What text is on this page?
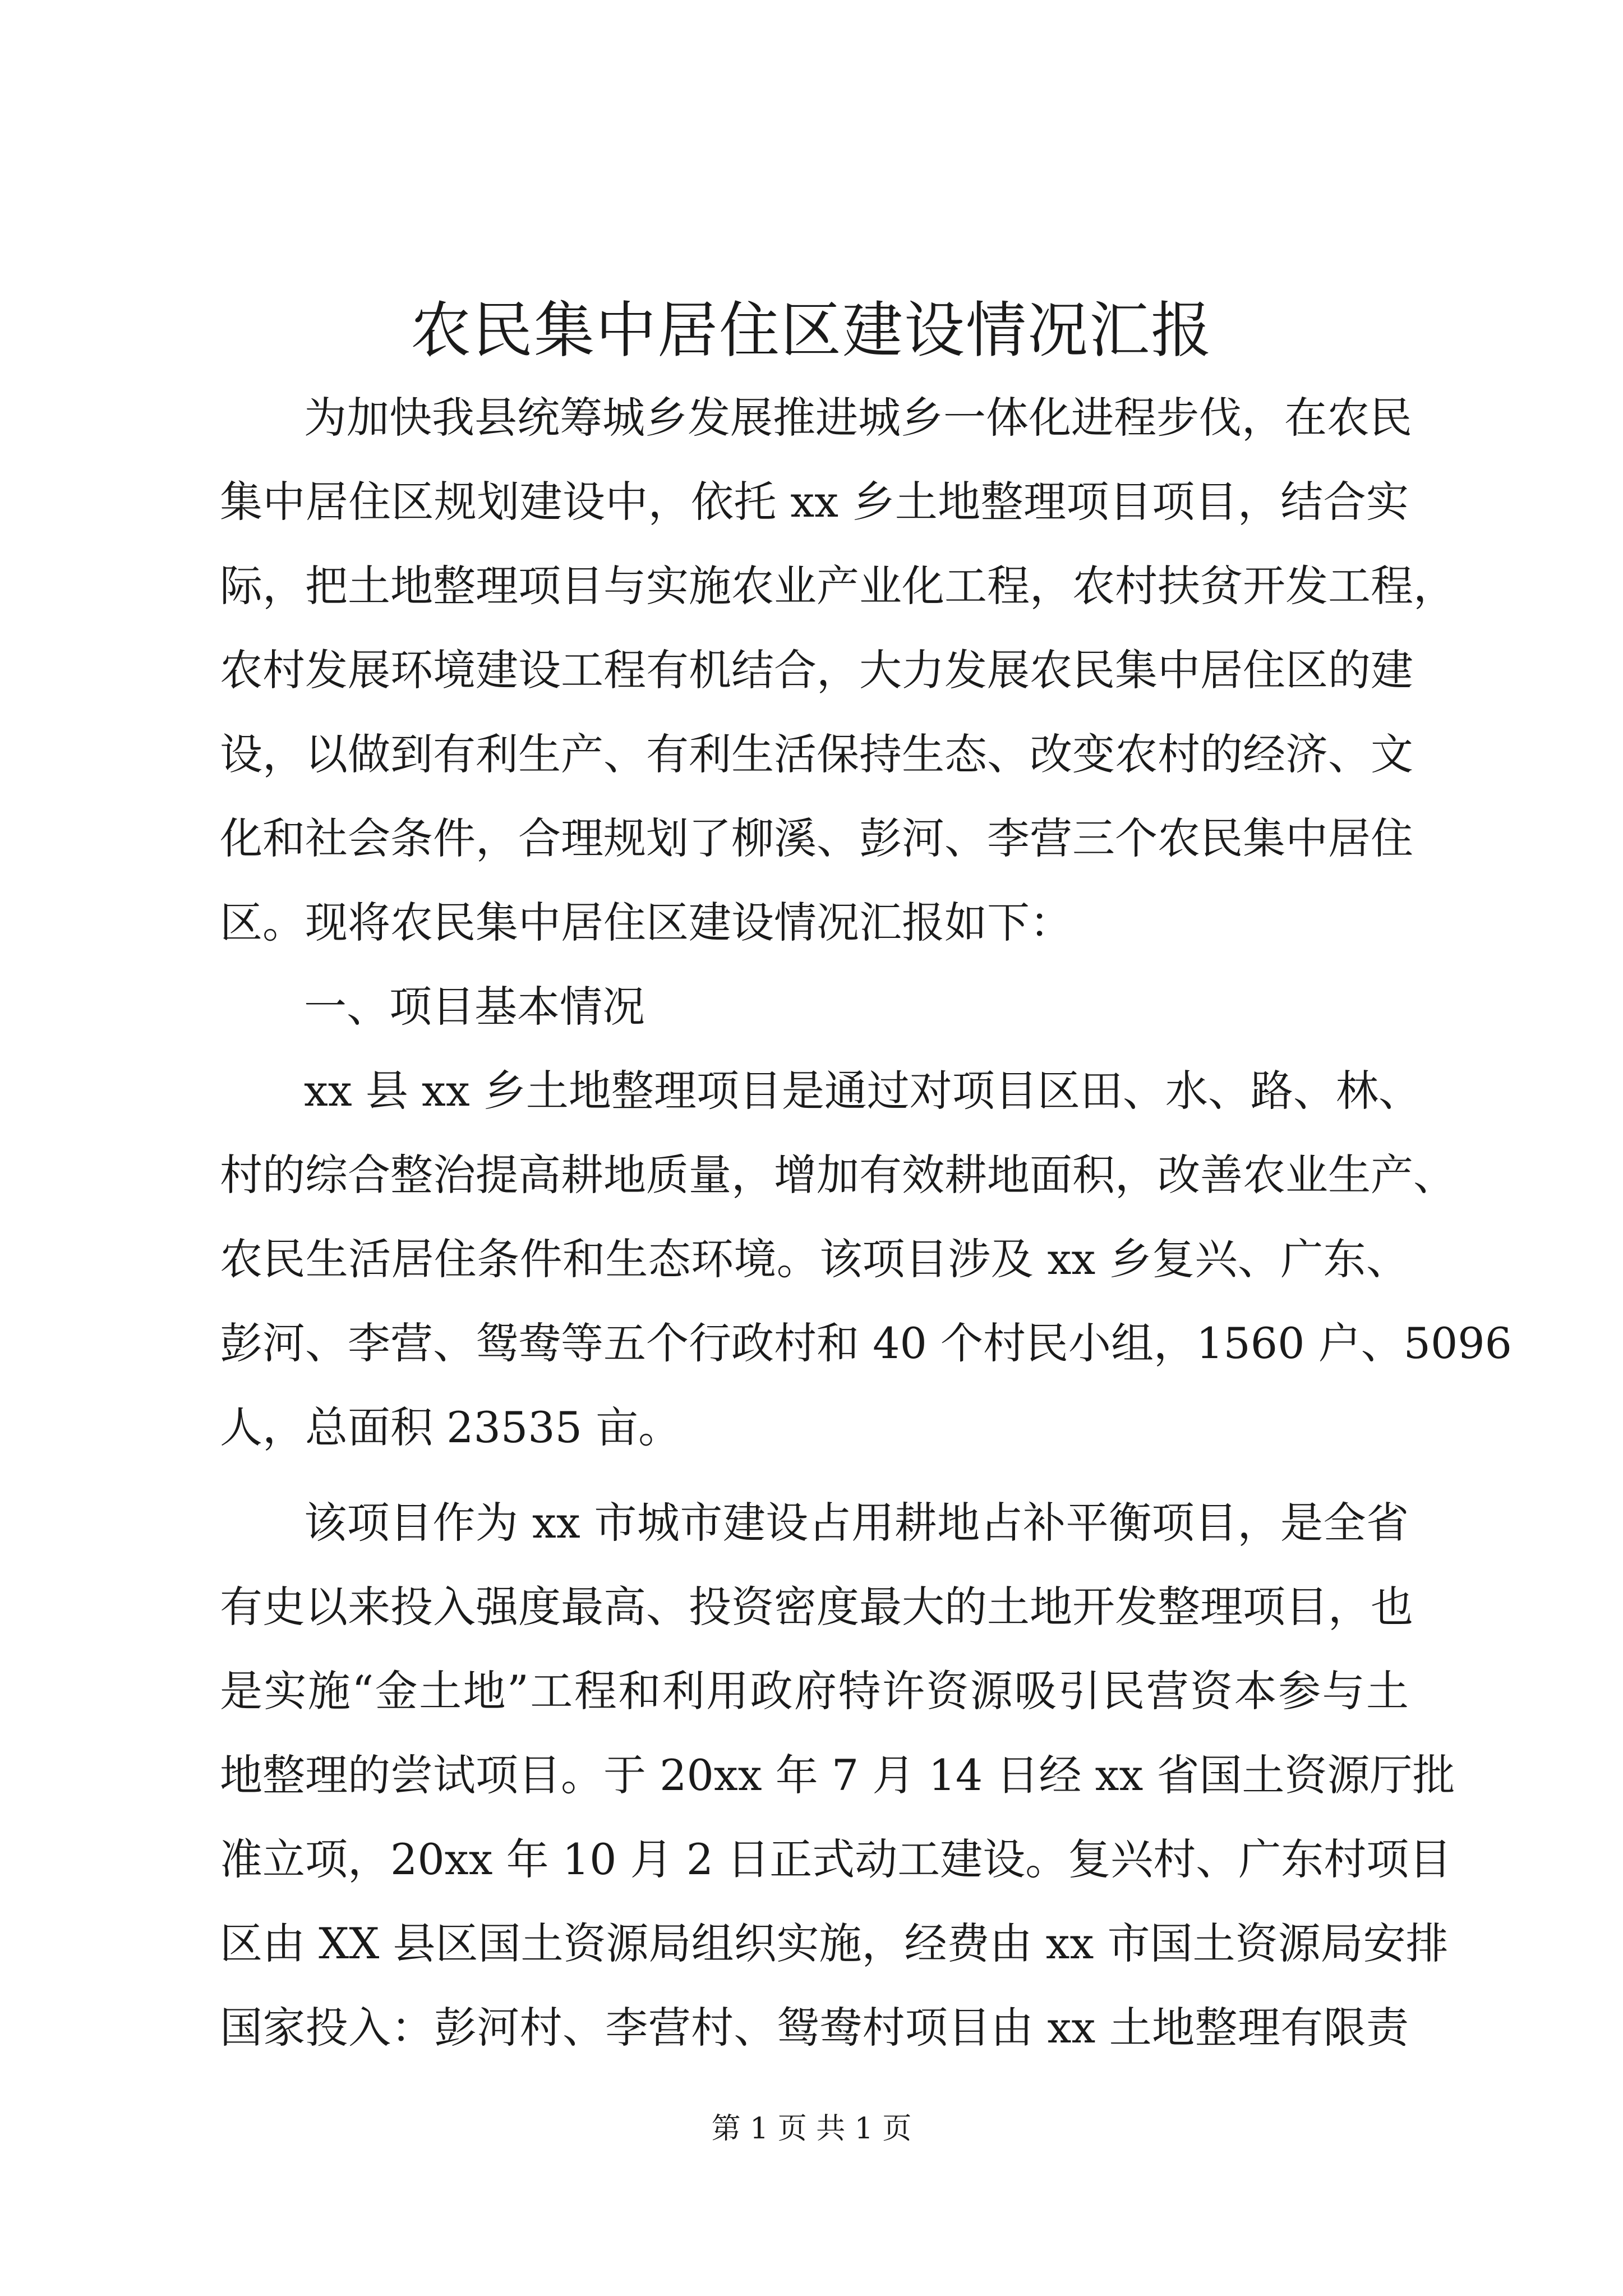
农民集中居住区建设情况汇报
为加快我县统筹城乡发展推进城乡一体化进程步伐，在农民
集中居住区规划建设中，依托 xx 乡土地整理项目项目，结合实
际，把土地整理项目与实施农业产业化工程，农村扶贫开发工程，
农村发展环境建设工程有机结合，大力发展农民集中居住区的建
设，以做到有利生产、有利生活保持生态、改变农村的经济、文
化和社会条件，合理规划了柳溪、彭河、李营三个农民集中居住
区。现将农民集中居住区建设情况汇报如下：
一、项目基本情况
xx 县 xx 乡土地整理项目是通过对项目区田、水、路、林、
村的综合整治提高耕地质量，增加有效耕地面积，改善农业生产、
农民生活居住条件和生态环境。该项目涉及 xx 乡复兴、广东、
彭河、李营、鸳鸯等五个行政村和 40 个村民小组，1560 户、5096
人，总面积 23535 亩。
该项目作为 xx 市城市建设占用耕地占补平衡项目，是全省
有史以来投入强度最高、投资密度最大的土地开发整理项目，也
是实施“金土地”工程和利用政府特许资源吸引民营资本参与土
地整理的尝试项目。于 20xx 年 7 月 14 日经 xx 省国土资源厅批
准立项，20xx 年 10 月 2 日正式动工建设。复兴村、广东村项目
区由 XX 县区国土资源局组织实施，经费由 xx 市国土资源局安排
国家投入：彭河村、李营村、鸳鸯村项目由 xx 土地整理有限责
第 1 页 共 1 页
